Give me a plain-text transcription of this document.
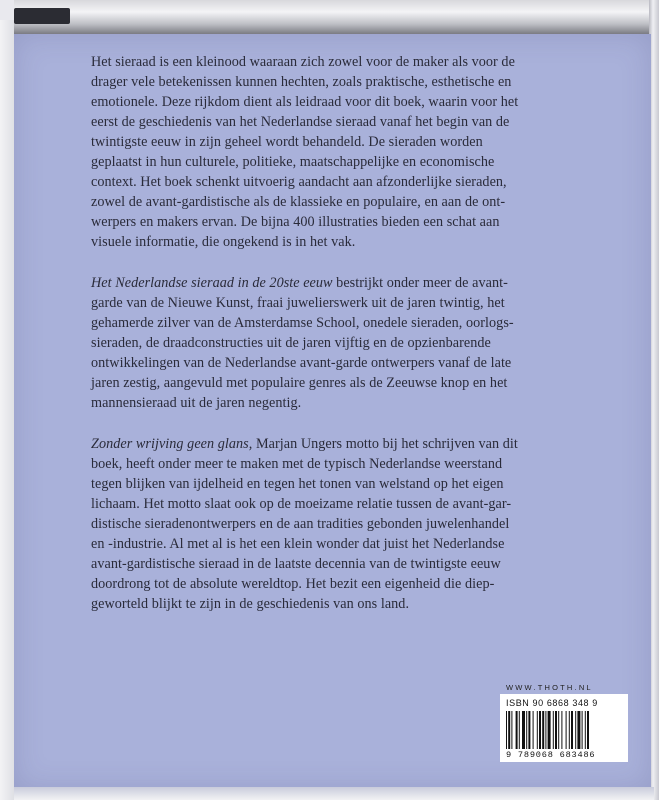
Het sieraad is een kleinood waaraan zich zowel voor de maker als voor de
drager vele betekenissen kunnen hechten, zoals praktische, esthetische en
emotionele. Deze rijkdom dient als leidraad voor dit boek, waarin voor het
eerst de geschiedenis van het Nederlandse sieraad vanaf het begin van de
twintigste eeuw in zijn geheel wordt behandeld. De sieraden worden
geplaatst in hun culturele, politieke, maatschappelijke en economische
context. Het boek schenkt uitvoerig aandacht aan afzonderlijke sieraden,
zowel de avant-gardistische als de klassieke en populaire, en aan de ont-
werpers en makers ervan. De bijna 400 illustraties bieden een schat aan
visuele informatie, die ongekend is in het vak.

Het Nederlandse sieraad in de 20ste eeuw bestrijkt onder meer de avant-
garde van de Nieuwe Kunst, fraai juwelierswerk uit de jaren twintig, het
gehamerde zilver van de Amsterdamse School, onedele sieraden, oorlogs-
sieraden, de draadconstructies uit de jaren vijftig en de opzienbarende
ontwikkelingen van de Nederlandse avant-garde ontwerpers vanaf de late
jaren zestig, aangevuld met populaire genres als de Zeeuwse knop en het
mannensieraad uit de jaren negentig.

Zonder wrijving geen glans, Marjan Ungers motto bij het schrijven van dit
boek, heeft onder meer te maken met de typisch Nederlandse weerstand
tegen blijken van ijdelheid en tegen het tonen van welstand op het eigen
lichaam. Het motto slaat ook op de moeizame relatie tussen de avant-gar-
distische sieradenontwerpers en de aan tradities gebonden juwelenhandel
en -industrie. Al met al is het een klein wonder dat juist het Nederlandse
avant-gardistische sieraad in de laatste decennia van de twintigste eeuw
doordrong tot de absolute wereldtop. Het bezit een eigenheid die diep-
geworteld blijkt te zijn in de geschiedenis van ons land.

WWW.THOTH.NL
ISBN 90 6868 348 9
9 789068 683486
